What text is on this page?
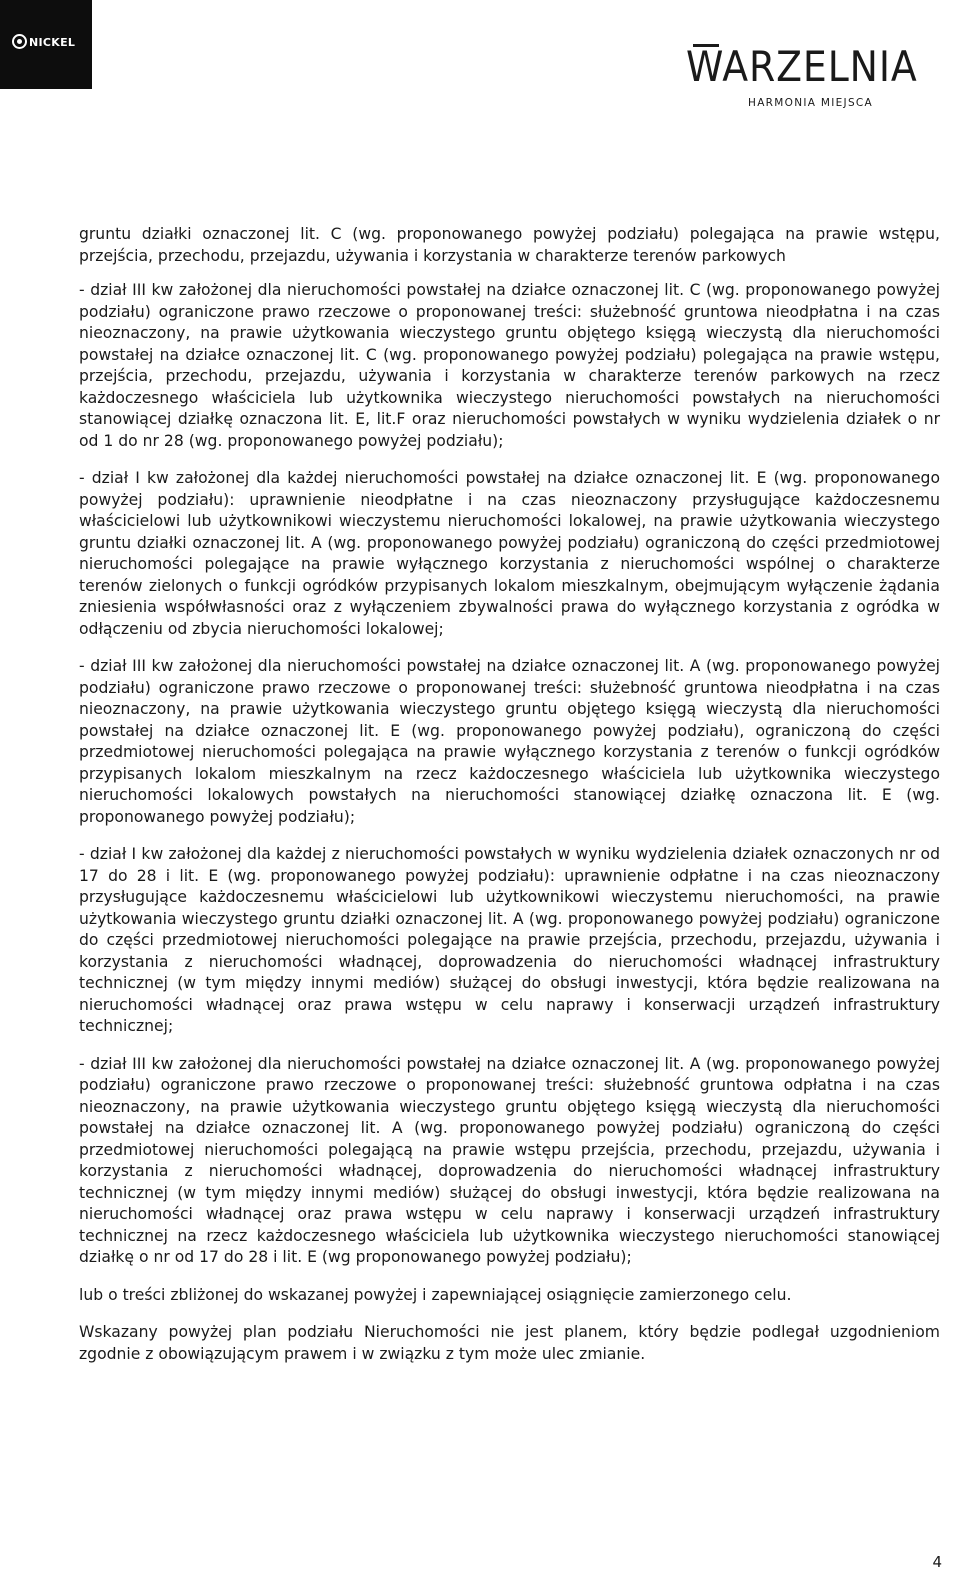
NICKEL	WARZELNIA
HARMONIA MIEJSCA

gruntu działki oznaczonej lit. C (wg. proponowanego powyżej podziału) polegająca na prawie wstępu, przejścia, przechodu, przejazdu, używania i korzystania w charakterze terenów parkowych

- dział III kw założonej dla nieruchomości powstałej na działce oznaczonej lit. C (wg. proponowanego powyżej podziału) ograniczone prawo rzeczowe o proponowanej treści: służebność gruntowa nieodpłatna i na czas nieoznaczony, na prawie użytkowania wieczystego gruntu objętego księgą wieczystą dla nieruchomości powstałej na działce oznaczonej lit. C (wg. proponowanego powyżej podziału) polegająca na prawie wstępu, przejścia, przechodu, przejazdu, używania i korzystania w charakterze terenów parkowych na rzecz każdoczesnego właściciela lub użytkownika wieczystego nieruchomości powstałych na nieruchomości stanowiącej działkę oznaczona lit. E, lit.F oraz nieruchomości powstałych w wyniku wydzielenia działek o nr od 1 do nr 28 (wg. proponowanego powyżej podziału);

- dział I kw założonej dla każdej nieruchomości powstałej na działce oznaczonej lit. E (wg. proponowanego powyżej podziału): uprawnienie nieodpłatne i na czas nieoznaczony przysługujące każdoczesnemu właścicielowi lub użytkownikowi wieczystemu nieruchomości lokalowej, na prawie użytkowania wieczystego gruntu działki oznaczonej lit. A (wg. proponowanego powyżej podziału) ograniczoną do części przedmiotowej nieruchomości polegające na prawie wyłącznego korzystania z nieruchomości wspólnej o charakterze terenów zielonych o funkcji ogródków przypisanych lokalom mieszkalnym, obejmującym wyłączenie żądania zniesienia współwłasności oraz z wyłączeniem zbywalności prawa do wyłącznego korzystania z ogródka w odłączeniu od zbycia nieruchomości lokalowej;

- dział III kw założonej dla nieruchomości powstałej na działce oznaczonej lit. A (wg. proponowanego powyżej podziału) ograniczone prawo rzeczowe o proponowanej treści: służebność gruntowa nieodpłatna i na czas nieoznaczony, na prawie użytkowania wieczystego gruntu objętego księgą wieczystą dla nieruchomości powstałej na działce oznaczonej lit. E (wg. proponowanego powyżej podziału), ograniczoną do części przedmiotowej nieruchomości polegająca na prawie wyłącznego korzystania z terenów o funkcji ogródków przypisanych lokalom mieszkalnym na rzecz każdoczesnego właściciela lub użytkownika wieczystego nieruchomości lokalowych powstałych na nieruchomości stanowiącej działkę oznaczona lit. E (wg. proponowanego powyżej podziału);

- dział I kw założonej dla każdej z nieruchomości powstałych w wyniku wydzielenia działek oznaczonych nr od 17 do 28 i lit. E (wg. proponowanego powyżej podziału): uprawnienie odpłatne i na czas nieoznaczony przysługujące każdoczesnemu właścicielowi lub użytkownikowi wieczystemu nieruchomości, na prawie użytkowania wieczystego gruntu działki oznaczonej lit. A (wg. proponowanego powyżej podziału) ograniczone do części przedmiotowej nieruchomości polegające na prawie przejścia, przechodu, przejazdu, używania i korzystania z nieruchomości władnącej, doprowadzenia do nieruchomości władnącej infrastruktury technicznej (w tym między innymi mediów) służącej do obsługi inwestycji, która będzie realizowana na nieruchomości władnącej oraz prawa wstępu w celu naprawy i konserwacji urządzeń infrastruktury technicznej;

- dział III kw założonej dla nieruchomości powstałej na działce oznaczonej lit. A (wg. proponowanego powyżej podziału) ograniczone prawo rzeczowe o proponowanej treści: służebność gruntowa odpłatna i na czas nieoznaczony, na prawie użytkowania wieczystego gruntu objętego księgą wieczystą dla nieruchomości powstałej na działce oznaczonej lit. A (wg. proponowanego powyżej podziału) ograniczoną do części przedmiotowej nieruchomości polegającą na prawie wstępu przejścia, przechodu, przejazdu, używania i korzystania z nieruchomości władnącej, doprowadzenia do nieruchomości władnącej infrastruktury technicznej (w tym między innymi mediów) służącej do obsługi inwestycji, która będzie realizowana na nieruchomości władnącej oraz prawa wstępu w celu naprawy i konserwacji urządzeń infrastruktury technicznej na rzecz każdoczesnego właściciela lub użytkownika wieczystego nieruchomości stanowiącej działkę o nr od 17 do 28 i lit. E (wg proponowanego powyżej podziału);

lub o treści zbliżonej do wskazanej powyżej i zapewniającej osiągnięcie zamierzonego celu.

Wskazany powyżej plan podziału Nieruchomości nie jest planem, który będzie podlegał uzgodnieniom zgodnie z obowiązującym prawem i w związku z tym może ulec zmianie.

4
